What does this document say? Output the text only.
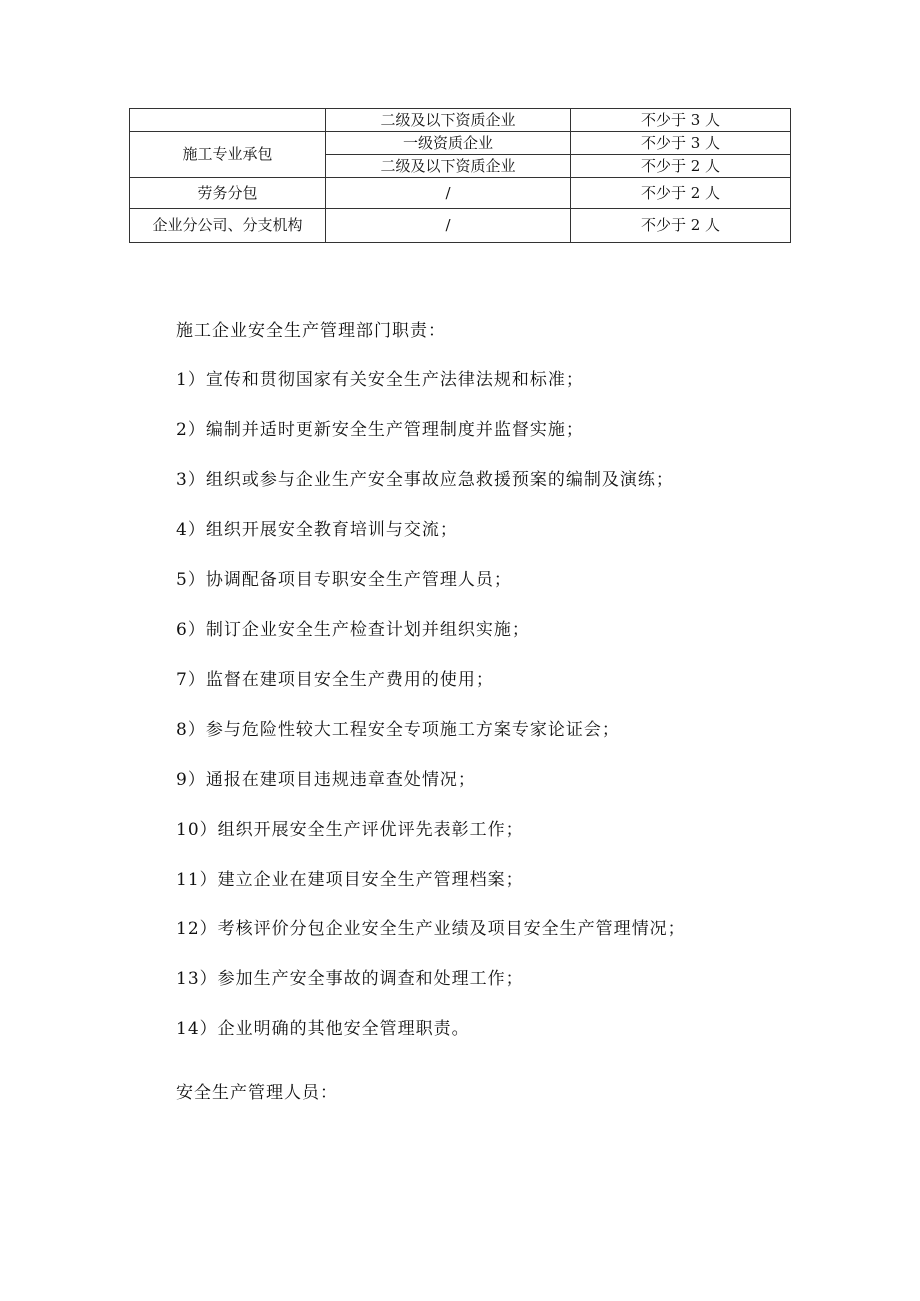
	二级及以下资质企业	不少于 3 人
施工专业承包	一级资质企业	不少于 3 人
	二级及以下资质企业	不少于 2 人
劳务分包	/	不少于 2 人
企业分公司、分支机构	/	不少于 2 人
施工企业安全生产管理部门职责：
1）宣传和贯彻国家有关安全生产法律法规和标准；
2）编制并适时更新安全生产管理制度并监督实施；
3）组织或参与企业生产安全事故应急救援预案的编制及演练；
4）组织开展安全教育培训与交流；
5）协调配备项目专职安全生产管理人员；
6）制订企业安全生产检查计划并组织实施；
7）监督在建项目安全生产费用的使用；
8）参与危险性较大工程安全专项施工方案专家论证会；
9）通报在建项目违规违章查处情况；
10）组织开展安全生产评优评先表彰工作；
11）建立企业在建项目安全生产管理档案；
12）考核评价分包企业安全生产业绩及项目安全生产管理情况；
13）参加生产安全事故的调查和处理工作；
14）企业明确的其他安全管理职责。
安全生产管理人员：
